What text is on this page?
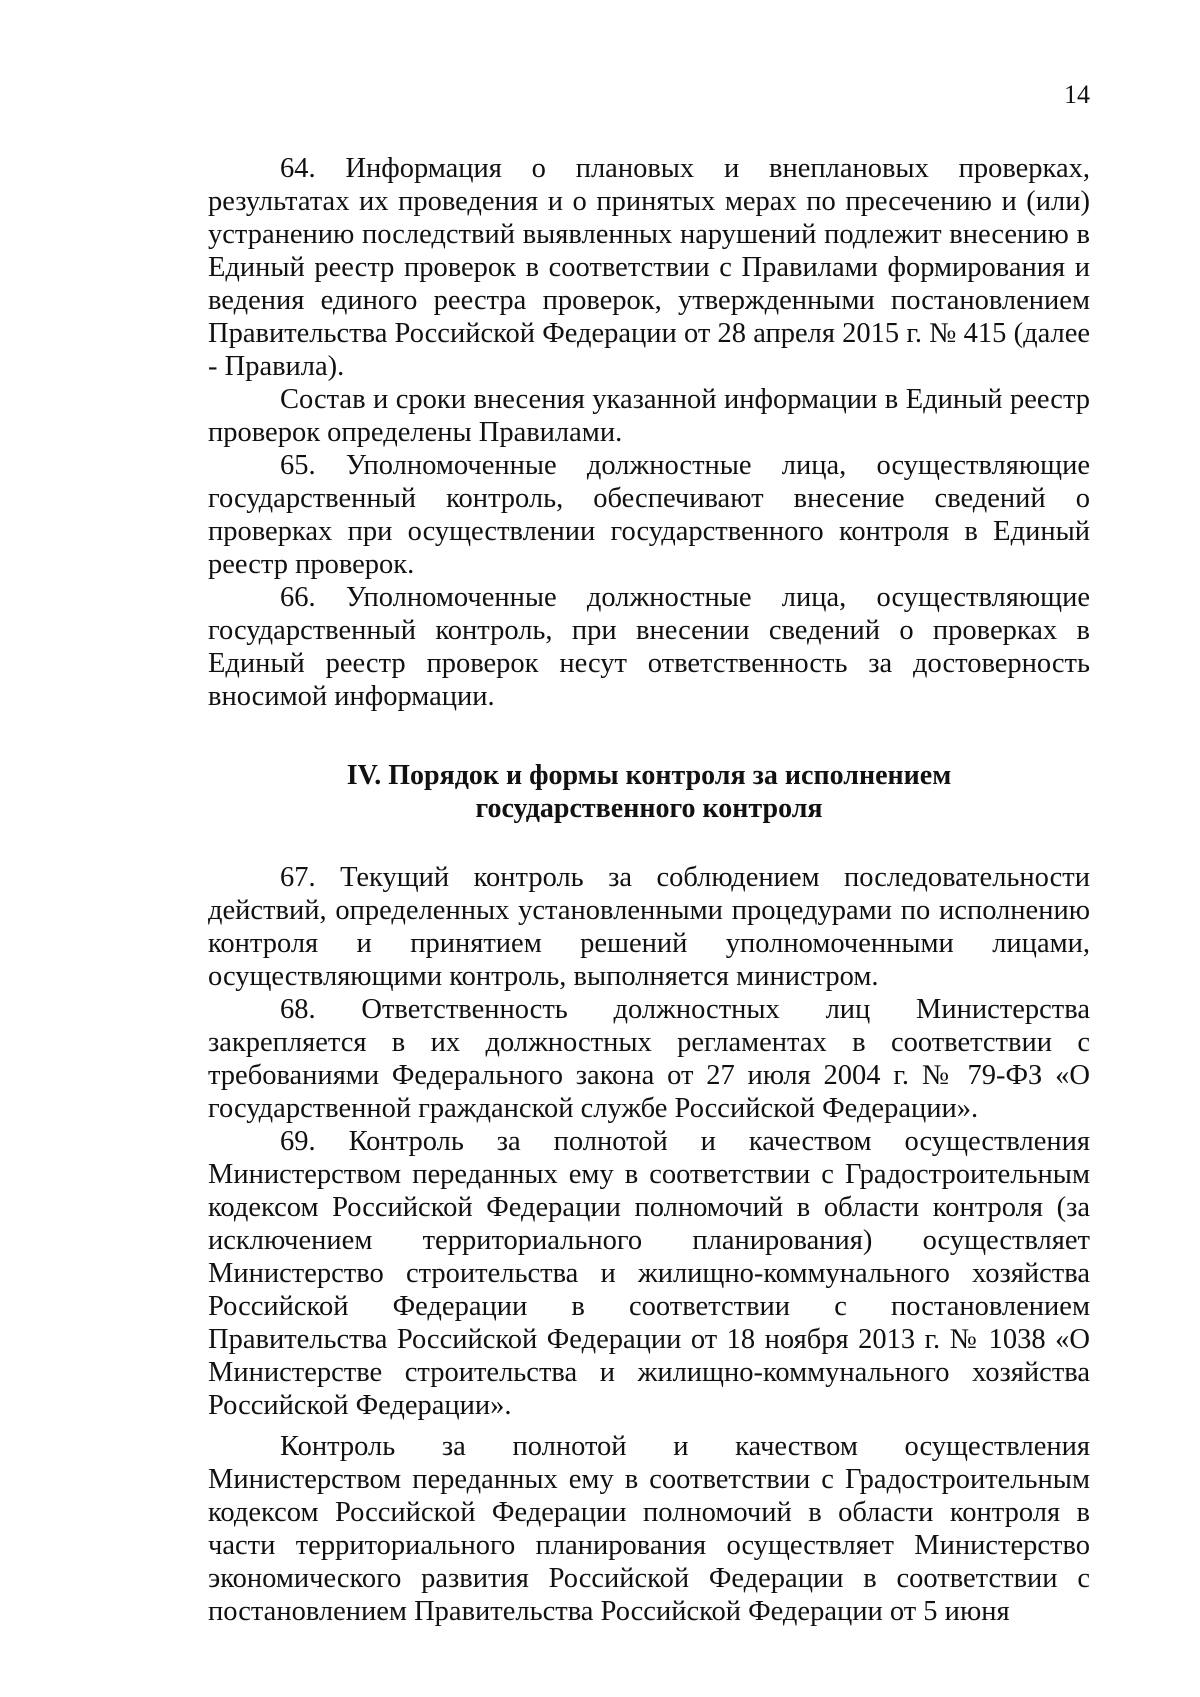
14

64. Информация о плановых и внеплановых проверках, результатах их проведения и о принятых мерах по пресечению и (или) устранению последствий выявленных нарушений подлежит внесению в Единый реестр проверок в соответствии с Правилами формирования и ведения единого реестра проверок, утвержденными постановлением Правительства Российской Федерации от 28 апреля 2015 г. № 415 (далее - Правила).

Состав и сроки внесения указанной информации в Единый реестр проверок определены Правилами.

65. Уполномоченные должностные лица, осуществляющие государственный контроль, обеспечивают внесение сведений о проверках при осуществлении государственного контроля в Единый реестр проверок.

66. Уполномоченные должностные лица, осуществляющие государственный контроль, при внесении сведений о проверках в Единый реестр проверок несут ответственность за достоверность вносимой информации.

IV. Порядок и формы контроля за исполнением
государственного контроля

67. Текущий контроль за соблюдением последовательности действий, определенных установленными процедурами по исполнению контроля и принятием решений уполномоченными лицами, осуществляющими контроль, выполняется министром.

68. Ответственность должностных лиц Министерства закрепляется в их должностных регламентах в соответствии с требованиями Федерального закона от 27 июля 2004 г. № 79-ФЗ «О государственной гражданской службе Российской Федерации».

69. Контроль за полнотой и качеством осуществления Министерством переданных ему в соответствии с Градостроительным кодексом Российской Федерации полномочий в области контроля (за исключением территориального планирования) осуществляет Министерство строительства и жилищно-коммунального хозяйства Российской Федерации в соответствии с постановлением Правительства Российской Федерации от 18 ноября 2013 г. № 1038 «О Министерстве строительства и жилищно-коммунального хозяйства Российской Федерации».

Контроль за полнотой и качеством осуществления Министерством переданных ему в соответствии с Градостроительным кодексом Российской Федерации полномочий в области контроля в части территориального планирования осуществляет Министерство экономического развития Российской Федерации в соответствии с постановлением Правительства Российской Федерации от 5 июня
